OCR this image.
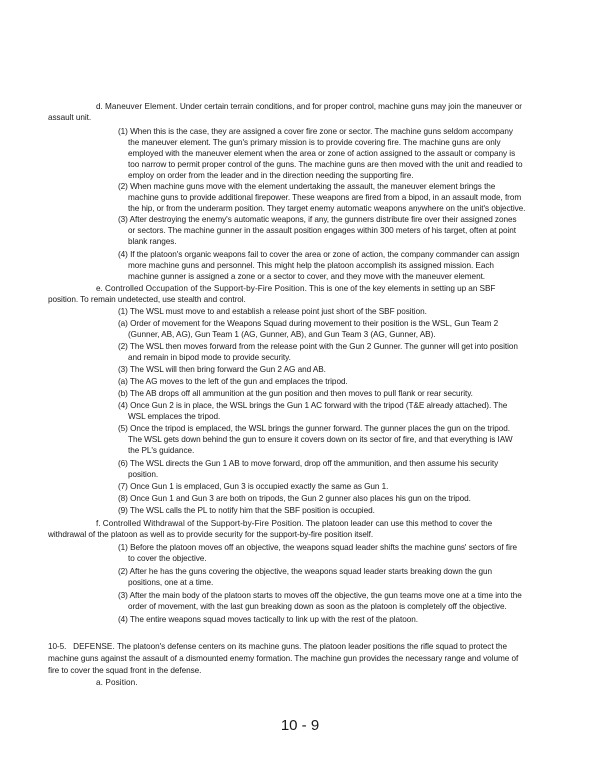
d. Maneuver Element. Under certain terrain conditions, and for proper control, machine guns may join the maneuver or
assault unit.
(1) When this is the case, they are assigned a cover fire zone or sector. The machine guns seldom accompany
the maneuver element. The gun's primary mission is to provide covering fire. The machine guns are only
employed with the maneuver element when the area or zone of action assigned to the assault or company is
too narrow to permit proper control of the guns. The machine guns are then moved with the unit and readied to
employ on order from the leader and in the direction needing the supporting fire.
(2) When machine guns move with the element undertaking the assault, the maneuver element brings the
machine guns to provide additional firepower. These weapons are fired from a bipod, in an assault mode, from
the hip, or from the underarm position. They target enemy automatic weapons anywhere on the unit's objective.
(3) After destroying the enemy's automatic weapons, if any, the gunners distribute fire over their assigned zones
or sectors. The machine gunner in the assault position engages within 300 meters of his target, often at point
blank ranges.
(4) If the platoon's organic weapons fail to cover the area or zone of action, the company commander can assign
more machine guns and personnel. This might help the platoon accomplish its assigned mission. Each
machine gunner is assigned a zone or a sector to cover, and they move with the maneuver element.
e. Controlled Occupation of the Support-by-Fire Position. This is one of the key elements in setting up an SBF
position. To remain undetected, use stealth and control.
(1) The WSL must move to and establish a release point just short of the SBF position.
(a) Order of movement for the Weapons Squad during movement to their position is the WSL, Gun Team 2
(Gunner, AB, AG), Gun Team 1 (AG, Gunner, AB), and Gun Team 3 (AG, Gunner, AB).
(2) The WSL then moves forward from the release point with the Gun 2 Gunner. The gunner will get into position
and remain in bipod mode to provide security.
(3) The WSL will then bring forward the Gun 2 AG and AB.
(a) The AG moves to the left of the gun and emplaces the tripod.
(b) The AB drops off all ammunition at the gun position and then moves to pull flank or rear security.
(4) Once Gun 2 is in place, the WSL brings the Gun 1 AC forward with the tripod (T&E already attached). The
WSL emplaces the tripod.
(5) Once the tripod is emplaced, the WSL brings the gunner forward. The gunner places the gun on the tripod.
The WSL gets down behind the gun to ensure it covers down on its sector of fire, and that everything is IAW
the PL's guidance.
(6) The WSL directs the Gun 1 AB to move forward, drop off the ammunition, and then assume his security
position.
(7) Once Gun 1 is emplaced, Gun 3 is occupied exactly the same as Gun 1.
(8) Once Gun 1 and Gun 3 are both on tripods, the Gun 2 gunner also places his gun on the tripod.
(9) The WSL calls the PL to notify him that the SBF position is occupied.
f. Controlled Withdrawal of the Support-by-Fire Position. The platoon leader can use this method to cover the
withdrawal of the platoon as well as to provide security for the support-by-fire position itself.
(1) Before the platoon moves off an objective, the weapons squad leader shifts the machine guns' sectors of fire
to cover the objective.
(2) After he has the guns covering the objective, the weapons squad leader starts breaking down the gun
positions, one at a time.
(3) After the main body of the platoon starts to moves off the objective, the gun teams move one at a time into the
order of movement, with the last gun breaking down as soon as the platoon is completely off the objective.
(4) The entire weapons squad moves tactically to link up with the rest of the platoon.
10-5. DEFENSE. The platoon's defense centers on its machine guns. The platoon leader positions the rifle squad to protect the
machine guns against the assault of a dismounted enemy formation. The machine gun provides the necessary range and volume of
fire to cover the squad front in the defense.
a. Position.
10 - 9
